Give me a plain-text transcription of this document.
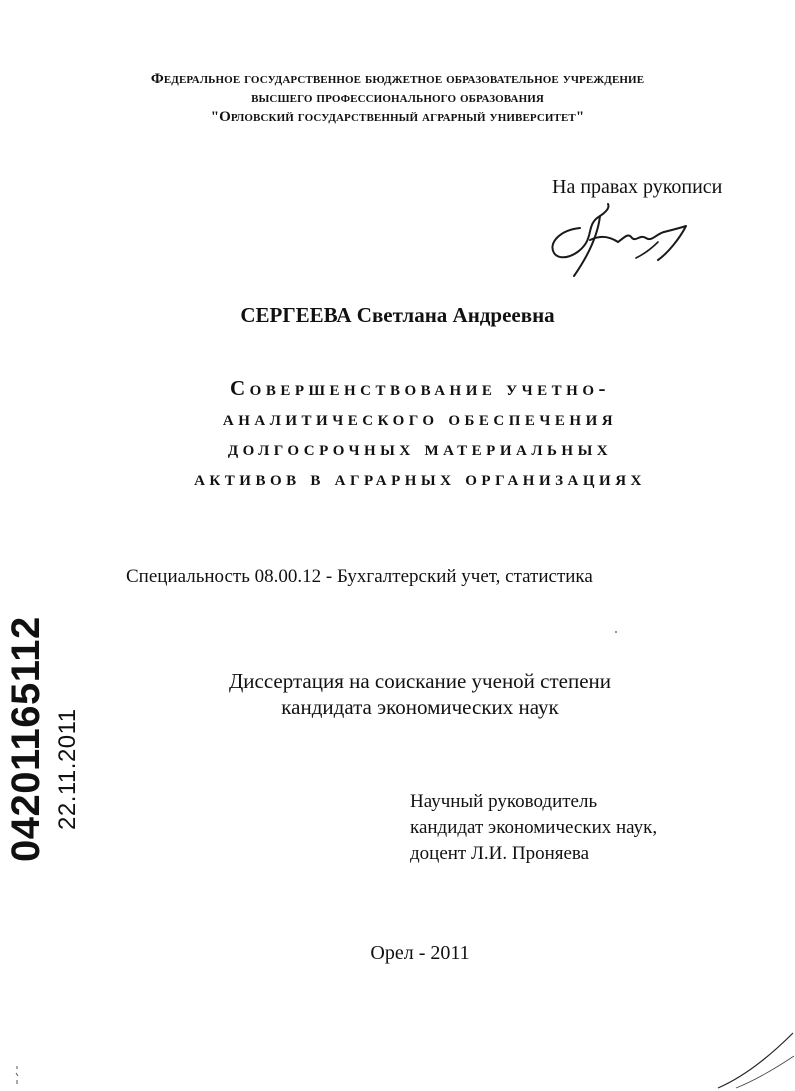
Федеральное государственное бюджетное образовательное учреждение
высшего профессионального образования
"Орловский государственный аграрный университет"
На правах рукописи
СЕРГЕЕВА Светлана Андреевна
Совершенствование учетно-
аналитического обеспечения
долгосрочных материальных
активов в аграрных организациях
Специальность 08.00.12 - Бухгалтерский учет, статистика
Диссертация на соискание ученой степени
кандидата экономических наук
Научный руководитель
кандидат экономических наук,
доцент Л.И. Проняева
Орел - 2011
04201165112 22.11.2011
